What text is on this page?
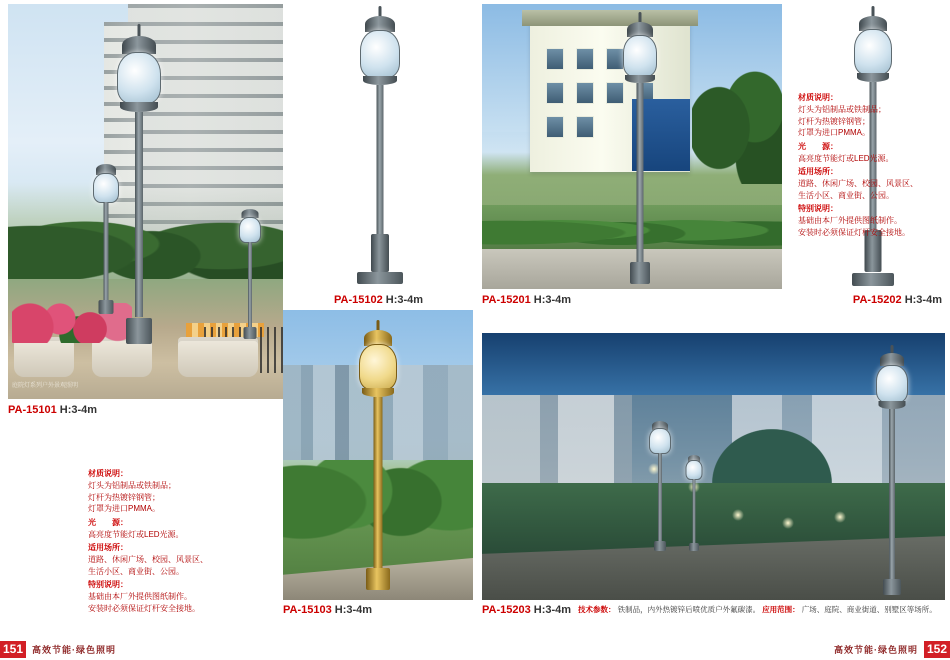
庭院灯系列户外景观照明
PA-15101 H:3-4m
PA-15102 H:3-4m	PA-15201 H:3-4m	PA-15202 H:3-4m
PA-15103 H:3-4m	PA-15203 H:3-4m 技术参数： 铁制品，内外热镀锌后喷优质户外氟碳漆。 应用范围： 广场、庭院、商业街道、别墅区等场所。
材质说明：
灯头为铝制品或铁制品；
灯杆为热镀锌钢管；
灯罩为进口PMMA。
光　　源：
高亮度节能灯或LED光源。
适用场所：
道路、休闲广场、校园、风景区、
生活小区、商业街、公园。
特别说明：
基础由本厂外提供图纸制作。
安装时必须保证灯杆安全接地。
材质说明：
灯头为铝制品或铁制品；
灯杆为热镀锌钢管；
灯罩为进口PMMA。
光　　源：
高亮度节能灯或LED光源。
适用场所：
道路、休闲广场、校园、风景区、
生活小区、商业街、公园。
特别说明：
基础由本厂外提供图纸制作。
安装时必须保证灯杆安全接地。
151 高效节能·绿色照明	高效节能·绿色照明 152
